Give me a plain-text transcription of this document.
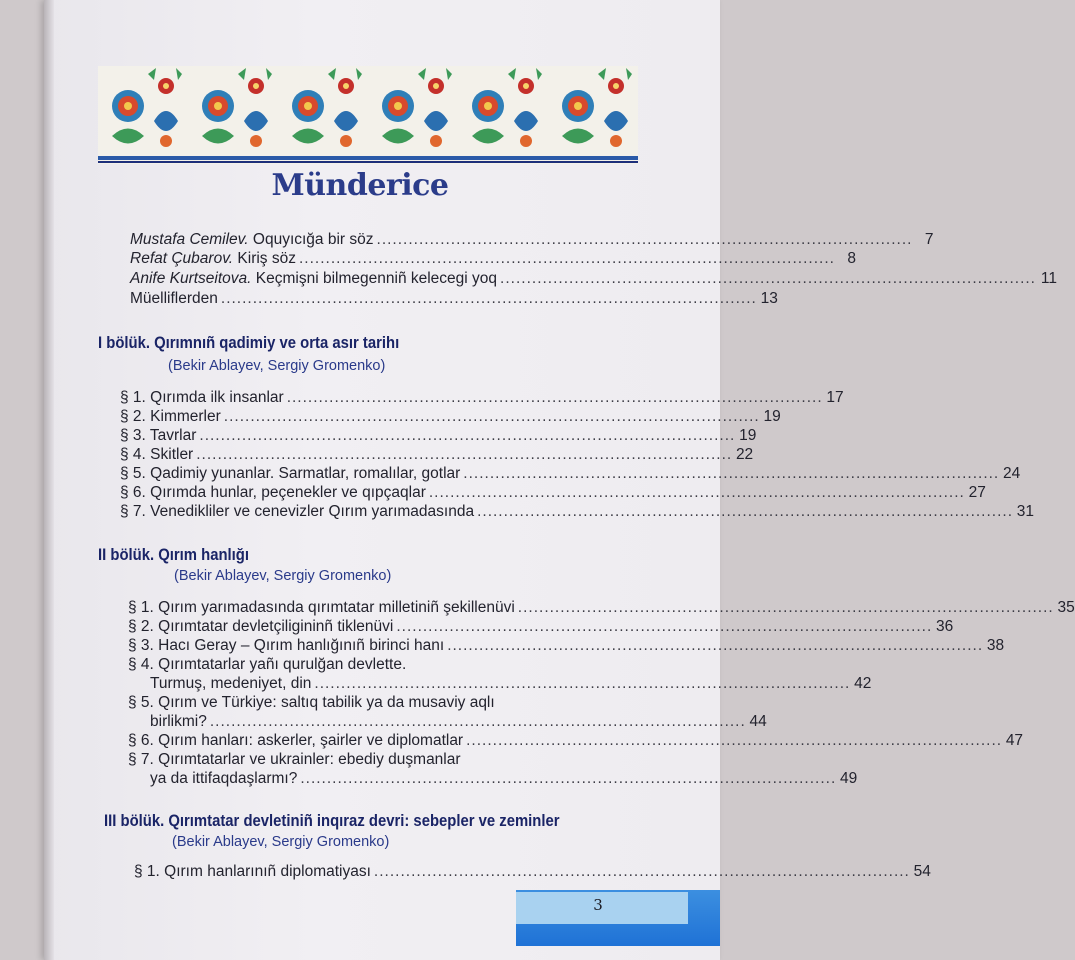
Münderice
Mustafa Cemilev. Oquyıcığa bir söz ..................................................................................................... 7
Refat Çubarov. Kiriş söz ..................................................................................................... 8
Anife Kurtseitova. Keçmişni bilmegenniñ kelecegi yoq ..................................................................................................... 11
Müelliflerden ..................................................................................................... 13
I bölük. Qırımnıñ qadimiy ve orta asır tarihı
(Bekir Ablayev, Sergiy Gromenko)
§ 1. Qırımda ilk insanlar ..................................................................................................... 17
§ 2. Kimmerler ..................................................................................................... 19
§ 3. Tavrlar ..................................................................................................... 19
§ 4. Skitler ..................................................................................................... 22
§ 5. Qadimiy yunanlar. Sarmatlar, romalılar, gotlar ..................................................................................................... 24
§ 6. Qırımda hunlar, peçenekler ve qıpçaqlar ..................................................................................................... 27
§ 7. Venedikliler ve cenevizler Qırım yarımadasında ..................................................................................................... 31
II bölük. Qırım hanlığı
(Bekir Ablayev, Sergiy Gromenko)
§ 1. Qırım yarımadasında qırımtatar milletiniñ şekillenüvi ..................................................................................................... 35
§ 2. Qırımtatar devletçiligininñ tiklenüvi ..................................................................................................... 36
§ 3. Hacı Geray – Qırım hanlığınıñ birinci hanı ..................................................................................................... 38
§ 4. Qırımtatarlar yañı qurulğan devlette.
Turmuş, medeniyet, din ..................................................................................................... 42
§ 5. Qırım ve Türkiye: saltıq tabilik ya da musaviy aqlı
birlikmi? ..................................................................................................... 44
§ 6. Qırım hanları: askerler, şairler ve diplomatlar ..................................................................................................... 47
§ 7. Qırımtatarlar ve ukrainler: ebediy duşmanlar
ya da ittifaqdaşlarmı? ..................................................................................................... 49
III bölük. Qırımtatar devletiniñ inqıraz devri: sebepler ve zeminler
(Bekir Ablayev, Sergiy Gromenko)
§ 1. Qırım hanlarınıñ diplomatiyası ..................................................................................................... 54
3
